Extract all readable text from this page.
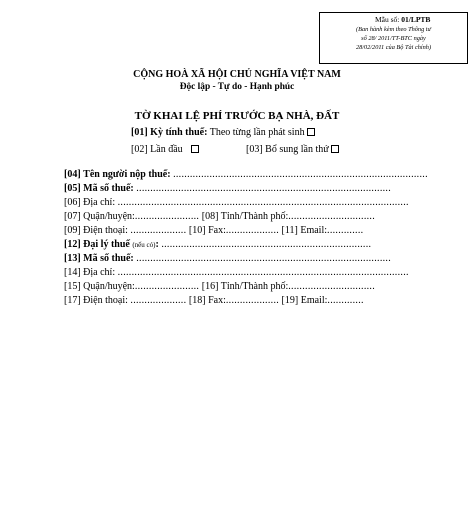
Mẫu số: 01/LPTB
(Ban hành kèm theo Thông tư
số 28/ 2011/TT-BTC ngày
28/02/2011 của Bộ Tài chính)
CỘNG HOÀ XÃ HỘI CHỦ NGHĨA VIỆT NAM
Độc lập - Tự do - Hạnh phúc
TỜ KHAI LỆ PHÍ TRƯỚC BẠ NHÀ, ĐẤT
[01] Kỳ tính thuế: Theo từng lần phát sinh
[02] Lần đầu	[03] Bổ sung lần thứ
[04] Tên người nộp thuế: ...........................................................................................
[05] Mã số thuế: ...........................................................................................
[06] Địa chỉ: ........................................................................................................
[07] Quận/huyện:....................... [08] Tỉnh/Thành phố:...............................
[09] Điện thoại: .................... [10] Fax:................... [11] Email:.............
[12] Đại lý thuế (nếu có): ...........................................................................
[13] Mã số thuế: ...........................................................................................
[14] Địa chỉ: ........................................................................................................
[15] Quận/huyện:....................... [16] Tỉnh/Thành phố:...............................
[17] Điện thoại: .................... [18] Fax:................... [19] Email:.............
